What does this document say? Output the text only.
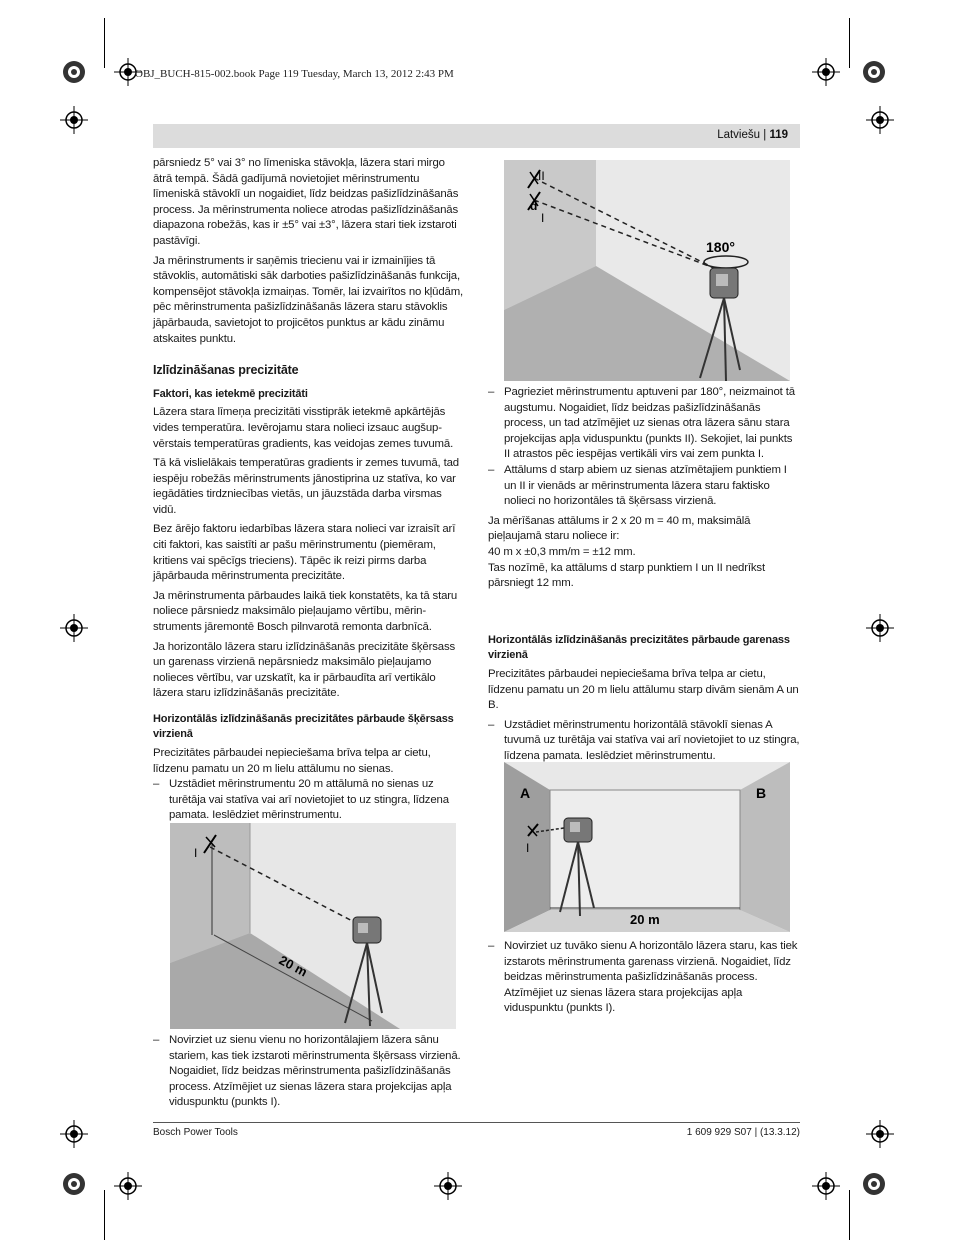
OBJ_BUCH-815-002.book Page 119 Tuesday, March 13, 2012 2:43 PM
Latviešu | 119

pārsniedz 5° vai 3° no līmeniska stāvokļa, lāzera stari mirgo ātrā tempā. Šādā gadījumā novietojiet mērinstrumentu līmeniskā stāvoklī un nogaidiet, līdz beidzas pašizlīdzināšanās process. Ja mērinstrumenta noliece atrodas pašizlīdzināšanās diapazona robežās, kas ir ±5° vai ±3°, lāzera stari tiek izstaroti pastāvīgi.

Ja mērinstruments ir saņēmis triecienu vai ir izmainījies tā stāvoklis, automātiski sāk darboties pašizlīdzināšanās funkcija, kompensējot stāvokļa izmaiņas. Tomēr, lai izvairītos no kļūdām, pēc mērinstrumenta pašizlīdzināšanās lāzera staru stāvoklis jāpārbauda, savietojot to projicētos punktus ar kādu zināmu atskaites punktu.

Izlīdzināšanas precizitāte
Faktori, kas ietekmē precizitāti

Lāzera stara līmeņa precizitāti visstiprāk ietekmē apkārtējās vides temperatūra. Ievērojamu stara nolieci izsauc augšup-vērstais temperatūras gradients, kas veidojas zemes tuvumā.

Tā kā vislielākais temperatūras gradients ir zemes tuvumā, tad iespēju robežās mērinstruments jānostiprina uz statīva, ko var iegādāties tirdzniecības vietās, un jāuzstāda darba virsmas vidū.

Bez ārējo faktoru iedarbības lāzera stara nolieci var izraisīt arī citi faktori, kas saistīti ar pašu mērinstrumentu (piemēram, kritiens vai spēcīgs trieciens). Tāpēc ik reizi pirms darba jāpārbauda mērinstrumenta precizitāte.

Ja mērinstrumenta pārbaudes laikā tiek konstatēts, ka tā staru noliece pārsniedz maksimālo pieļaujamo vērtību, mērin-struments jāremontē Bosch pilnvarotā remonta darbnīcā.

Ja horizontālo lāzera staru izlīdzināšanās precizitāte šķērsass un garenass virzienā nepārsniedz maksimālo pieļaujamo nolieces vērtību, var uzskatīt, ka ir pārbaudīta arī vertikālo lāzera staru izlīdzināšanās precizitāte.

Horizontālās izlīdzināšanās precizitātes pārbaude šķērsass virzienā

Precizitātes pārbaudei nepieciešama brīva telpa ar cietu, līdzenu pamatu un 20 m lielu attālumu no sienas.

– Uzstādiet mērinstrumentu 20 m attālumā no sienas uz turētāja vai statīva vai arī novietojiet to uz stingra, līdzena pamata. Ieslēdziet mērinstrumentu.
I
20 m
– Novirziet uz sienu vienu no horizontālajiem lāzera sānu stariem, kas tiek izstaroti mērinstrumenta šķērsass virzienā. Nogaidiet, līdz beidzas mērinstrumenta pašizlīdzināšanās process. Atzīmējiet uz sienas lāzera stara projekcijas apļa viduspunktu (punkts I).
II
I
d
180°
– Pagrieziet mērinstrumentu aptuveni par 180°, neizmainot tā augstumu. Nogaidiet, līdz beidzas pašizlīdzināšanās process, un tad atzīmējiet uz sienas otra lāzera sānu stara projekcijas apļa viduspunktu (punkts II). Sekojiet, lai punkts II atrastos pēc iespējas vertikāli virs vai zem punkta I.
– Attālums d starp abiem uz sienas atzīmētajiem punktiem I un II ir vienāds ar mērinstrumenta lāzera staru faktisko nolieci no horizontāles tā šķērsass virzienā.

Ja mērīšanas attālums ir 2 x 20 m = 40 m, maksimālā pieļaujamā staru noliece ir:

40 m x ±0,3 mm/m = ±12 mm.

Tas nozīmē, ka attālums d starp punktiem I un II nedrīkst pārsniegt 12 mm.

Horizontālās izlīdzināšanās precizitātes pārbaude garenass virzienā

Precizitātes pārbaudei nepieciešama brīva telpa ar cietu, līdzenu pamatu un 20 m lielu attālumu starp divām sienām A un B.

– Uzstādiet mērinstrumentu horizontālā stāvoklī sienas A tuvumā uz turētāja vai statīva vai arī novietojiet to uz stingra, līdzena pamata. Ieslēdziet mērinstrumentu.
A	B
I
20 m
– Novirziet uz tuvāko sienu A horizontālo lāzera staru, kas tiek izstarots mērinstrumenta garenass virzienā. Nogaidiet, līdz beidzas mērinstrumenta pašizlīdzināšanās process. Atzīmējiet uz sienas lāzera stara projekcijas apļa viduspunktu (punkts I).
Bosch Power Tools	1 609 929 S07 | (13.3.12)
